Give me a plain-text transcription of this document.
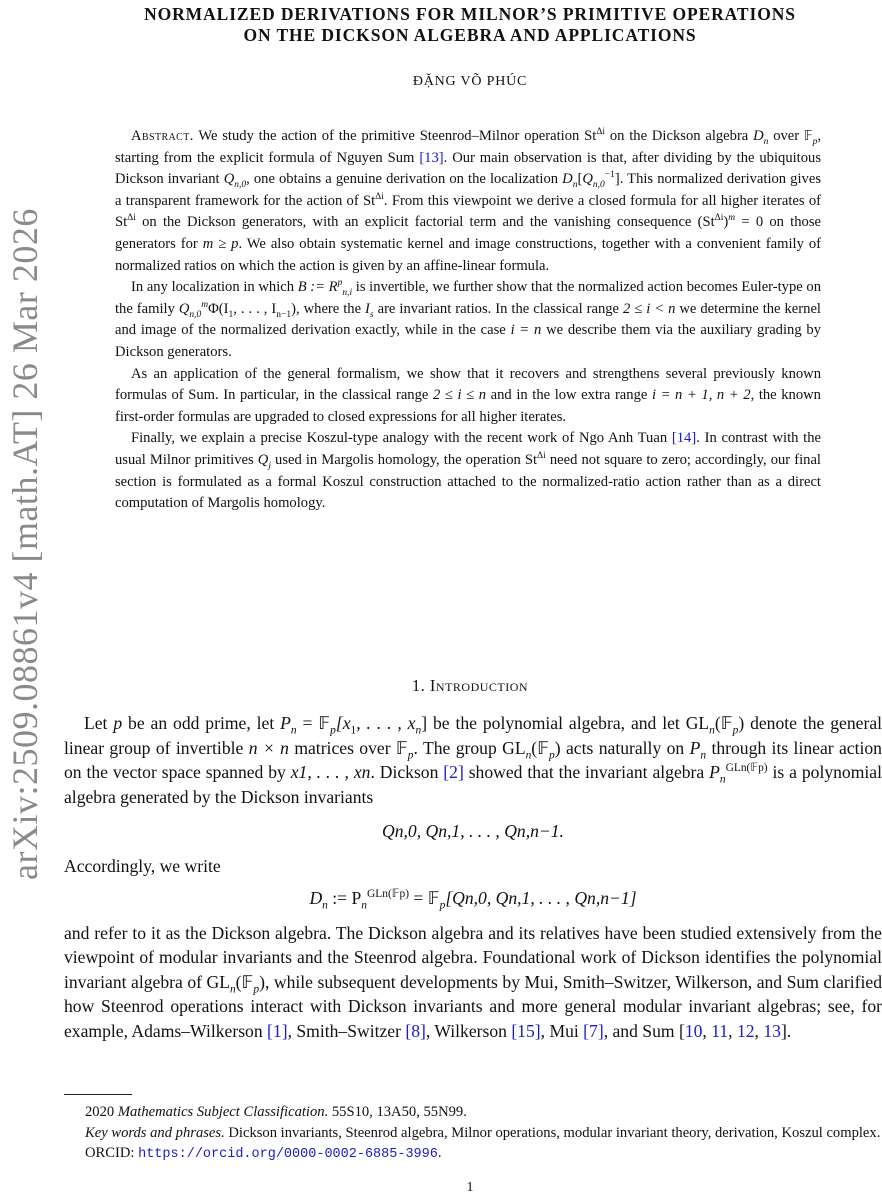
arXiv:2509.08861v4 [math.AT] 26 Mar 2026
NORMALIZED DERIVATIONS FOR MILNOR’S PRIMITIVE OPERATIONS
ON THE DICKSON ALGEBRA AND APPLICATIONS
ĐẶNG VÕ PHÚC

Abstract. We study the action of the primitive Steenrod–Milnor operation $St^{\Delta i}$ on the Dickson algebra $D_n$ over 𝔽$_p$, starting from the explicit formula of Nguyen Sum [13]. Our main observation is that, after dividing by the ubiquitous Dickson invariant $Q_{n,0}$, one obtains a genuine derivation on the localization $D_n[Q_{n,0}^{-1}]$. This normalized derivation gives a transparent framework for the action of $St^{\Delta i}$. From this viewpoint we derive a closed formula for all higher iterates of $St^{\Delta i}$ on the Dickson generators, with an explicit factorial term and the vanishing consequence $(St^{\Delta i})^m = 0$ on those generators for m ≥ p. We also obtain systematic kernel and image constructions, together with a convenient family of normalized ratios on which the action is given by an affine-linear formula.

In any localization in which B := $R^p_{n,i}$ is invertible, we further show that the normalized action becomes Euler-type on the family $Q_{n,0}^m\Phi(I_1$, . . . , $I_{n-1}$), where the $I_s$ are invariant ratios. In the classical range 2 ≤ i < n we determine the kernel and image of the normalized derivation exactly, while in the case i = n we describe them via the auxiliary grading by Dickson generators.

As an application of the general formalism, we show that it recovers and strengthens several previously known formulas of Sum. In particular, in the classical range 2 ≤ i ≤ n and in the low extra range i = n + 1, n + 2, the known first-order formulas are upgraded to closed expressions for all higher iterates.

Finally, we explain a precise Koszul-type analogy with the recent work of Ngo Anh Tuan [14]. In contrast with the usual Milnor primitives $Q_j$ used in Margolis homology, the operation $St^{\Delta i}$ need not square to zero; accordingly, our final section is formulated as a formal Koszul construction attached to the normalized-ratio action rather than as a direct computation of Margolis homology.

1. Introduction

Let p be an odd prime, let $P_n$ = $𝔽_p[x_1$, . . . , $x_n$] be the polynomial algebra, and let $GL_n(𝔽_p)$ denote the general linear group of invertible n × n matrices over 𝔽$_p$. The group $GL_n(𝔽_p)$ acts naturally on $P_n$ through its linear action on the vector space spanned by x1, . . . , xn. Dickson [2] showed that the invariant algebra $P_n^{GLn(𝔽p)}$ is a polynomial algebra generated by the Dickson invariants

Qn,0, Qn,1, . . . , Qn,n−1.

Accordingly, we write

$D_n$ := $P_n^{GLn(𝔽p)}$ = 𝔽$_p$[Qn,0, Qn,1, . . . , Qn,n−1]

and refer to it as the Dickson algebra. The Dickson algebra and its relatives have been studied extensively from the viewpoint of modular invariants and the Steenrod algebra. Foundational work of Dickson identifies the polynomial invariant algebra of $GL_n(𝔽_p)$, while subsequent developments by Mui, Smith–Switzer, Wilkerson, and Sum clarified how Steenrod operations interact with Dickson invariants and more general modular invariant algebras; see, for example, Adams–Wilkerson [1], Smith–Switzer [8], Wilkerson [15], Mui [7], and Sum [10, 11, 12, 13].

2020 Mathematics Subject Classification. 55S10, 13A50, 55N99.

Key words and phrases. Dickson invariants, Steenrod algebra, Milnor operations, modular invariant theory, derivation, Koszul complex.

ORCID: https://orcid.org/0000-0002-6885-3996.

1
